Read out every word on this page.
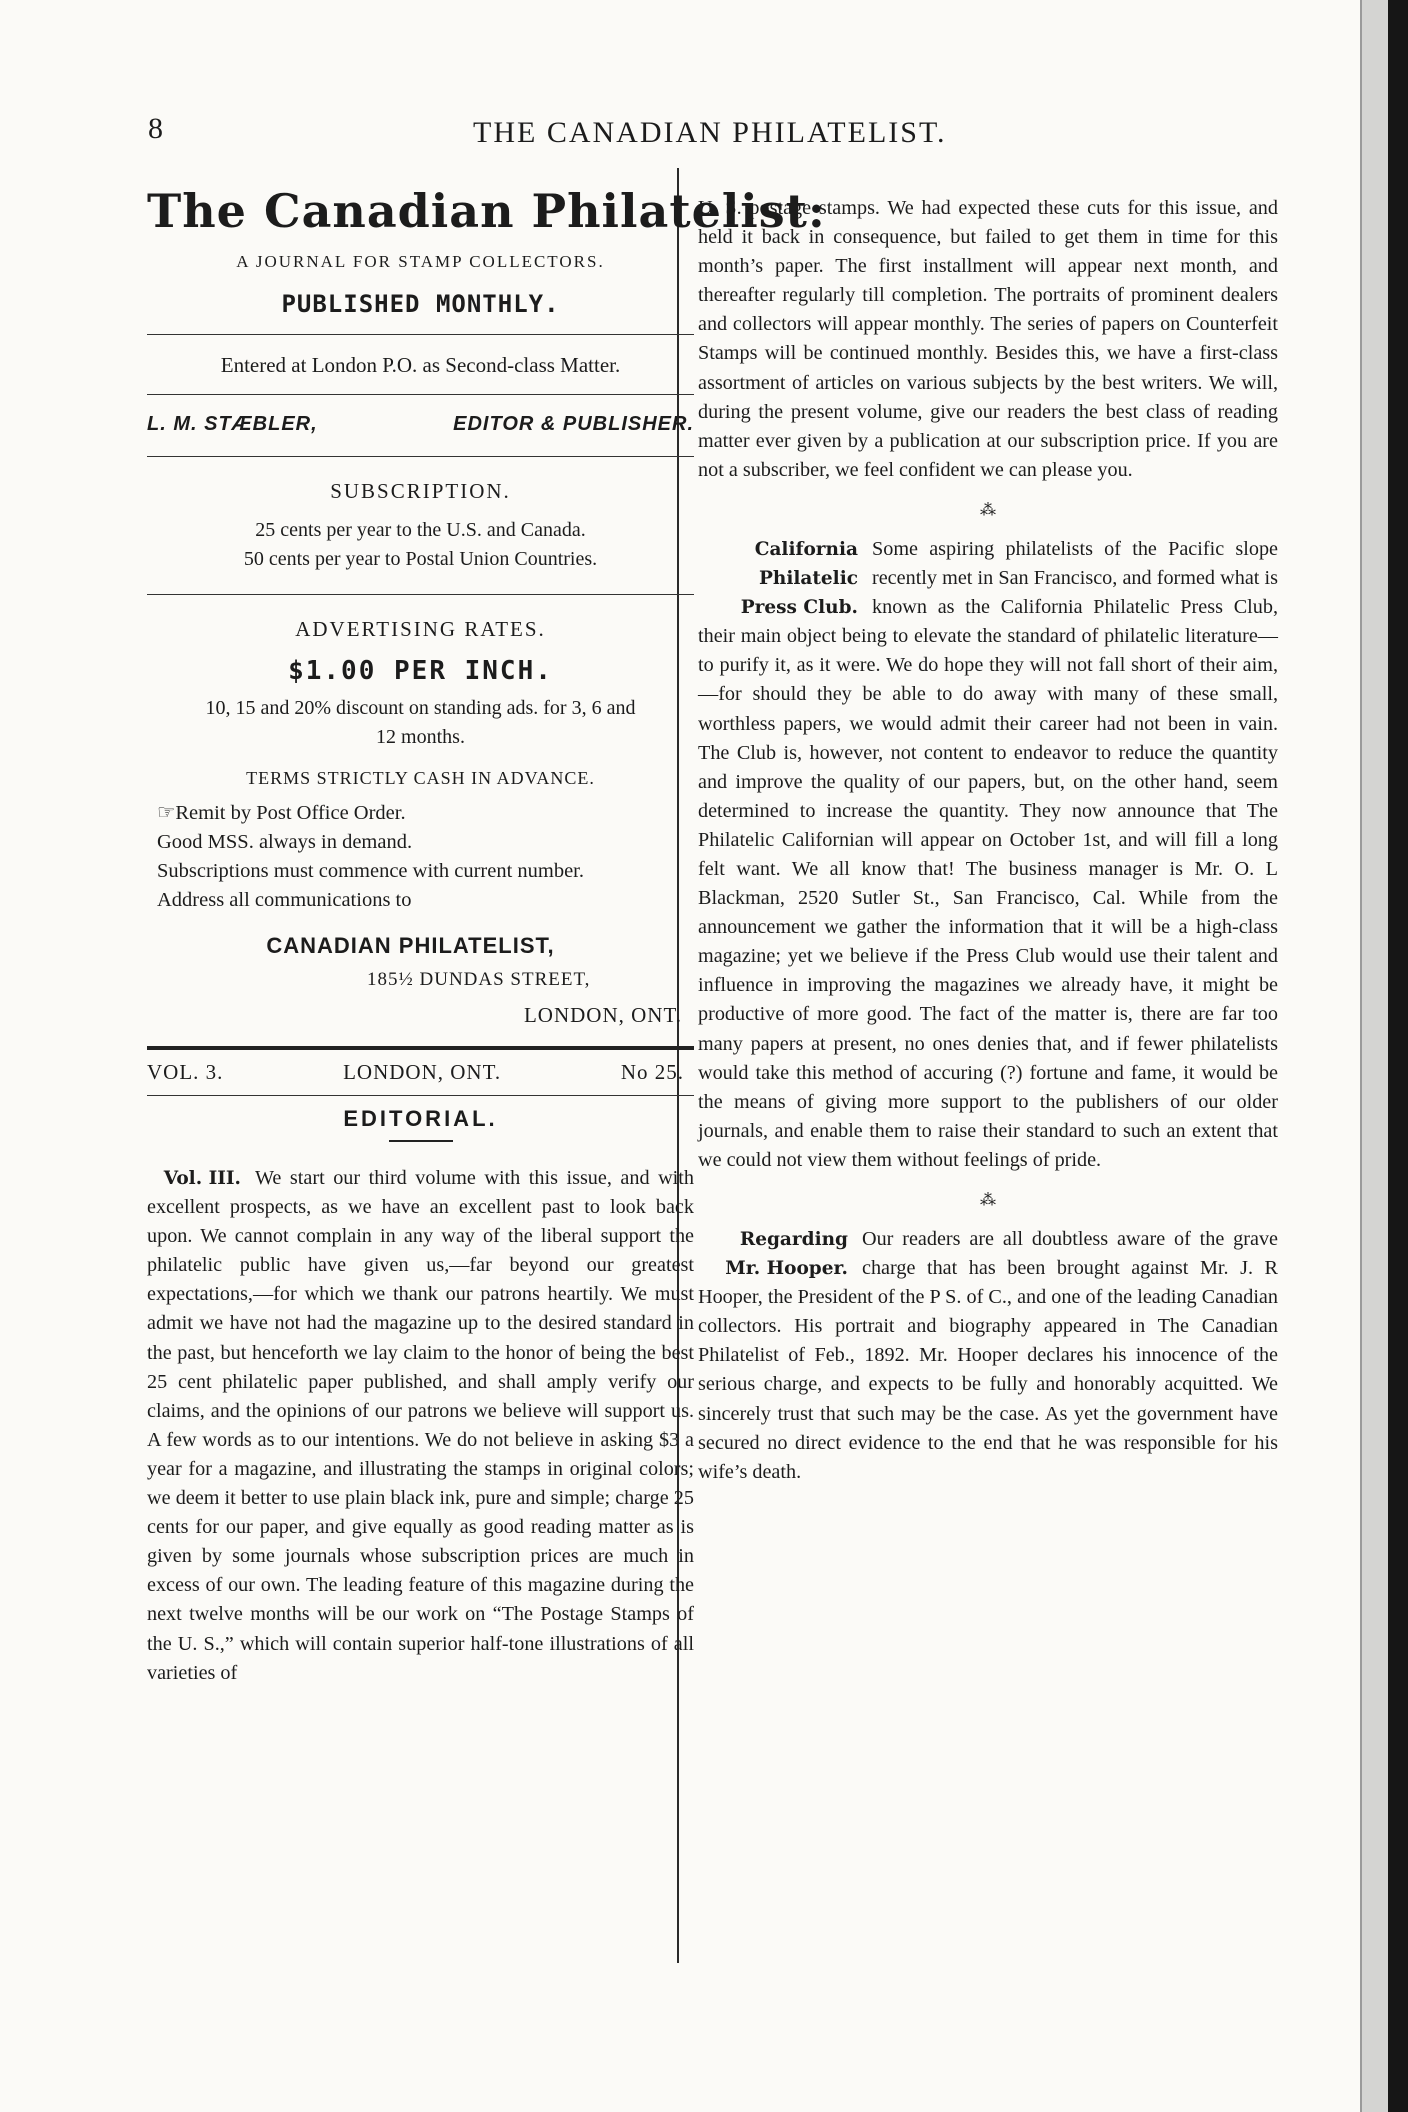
8	THE CANADIAN PHILATELIST.
The Canadian Philatelist:
A JOURNAL FOR STAMP COLLECTORS.
PUBLISHED MONTHLY.
Entered at London P.O. as Second-class Matter.
L. M. STÆBLER,	EDITOR & PUBLISHER.
SUBSCRIPTION.
25 cents per year to the U.S. and Canada.
50 cents per year to Postal Union Countries.
ADVERTISING RATES.
$1.00 PER INCH.
10, 15 and 20% discount on standing ads. for 3, 6 and
12 months.
TERMS STRICTLY CASH IN ADVANCE.
☞Remit by Post Office Order.
Good MSS. always in demand.
Subscriptions must commence with current number.
Address all communications to
CANADIAN PHILATELIST,
185½ DUNDAS STREET,
LONDON, ONT.
VOL. 3.	LONDON, ONT.	No 25.
EDITORIAL.
Vol. III. We start our third volume with this issue, and with excellent prospects, as we have an excellent past to look back upon. We cannot complain in any way of the liberal support the philatelic public have given us,—far beyond our greatest expectations,—for which we thank our patrons heartily. We must admit we have not had the magazine up to the desired standard in the past, but henceforth we lay claim to the honor of being the best 25 cent philatelic paper published, and shall amply verify our claims, and the opinions of our patrons we believe will support us. A few words as to our intentions. We do not believe in asking $3 a year for a magazine, and illustrating the stamps in original colors; we deem it better to use plain black ink, pure and simple; charge 25 cents for our paper, and give equally as good reading matter as is given by some journals whose subscription prices are much in excess of our own. The leading feature of this magazine during the next twelve months will be our work on “The Postage Stamps of the U. S.,” which will contain superior half-tone illustrations of all varieties of
U. S. postage stamps. We had expected these cuts for this issue, and held it back in consequence, but failed to get them in time for this month’s paper. The first installment will appear next month, and thereafter regularly till completion. The portraits of prominent dealers and collectors will appear monthly. The series of papers on Counterfeit Stamps will be continued monthly. Besides this, we have a first-class assortment of articles on various subjects by the best writers. We will, during the present volume, give our readers the best class of reading matter ever given by a publication at our subscription price. If you are not a subscriber, we feel confident we can please you.
⁂
California
Philatelic
Press Club.
Some aspiring philatelists of the Pacific slope recently met in San Francisco, and formed what is known as the California Philatelic Press Club, their main object being to elevate the standard of philatelic literature—to purify it, as it were. We do hope they will not fall short of their aim,—for should they be able to do away with many of these small, worthless papers, we would admit their career had not been in vain. The Club is, however, not content to endeavor to reduce the quantity and improve the quality of our papers, but, on the other hand, seem determined to increase the quantity. They now announce that The Philatelic Californian will appear on October 1st, and will fill a long felt want. We all know that! The business manager is Mr. O. L Blackman, 2520 Sutler St., San Francisco, Cal. While from the announcement we gather the information that it will be a high-class magazine; yet we believe if the Press Club would use their talent and influence in improving the magazines we already have, it might be productive of more good. The fact of the matter is, there are far too many papers at present, no ones denies that, and if fewer philatelists would take this method of accuring (?) fortune and fame, it would be the means of giving more support to the publishers of our older journals, and enable them to raise their standard to such an extent that we could not view them without feelings of pride.
⁂
Regarding
Mr. Hooper.
Our readers are all doubtless aware of the grave charge that has been brought against Mr. J. R Hooper, the President of the P S. of C., and one of the leading Canadian collectors. His portrait and biography appeared in The Canadian Philatelist of Feb., 1892. Mr. Hooper declares his innocence of the serious charge, and expects to be fully and honorably acquitted. We sincerely trust that such may be the case. As yet the government have secured no direct evidence to the end that he was responsible for his wife’s death.
